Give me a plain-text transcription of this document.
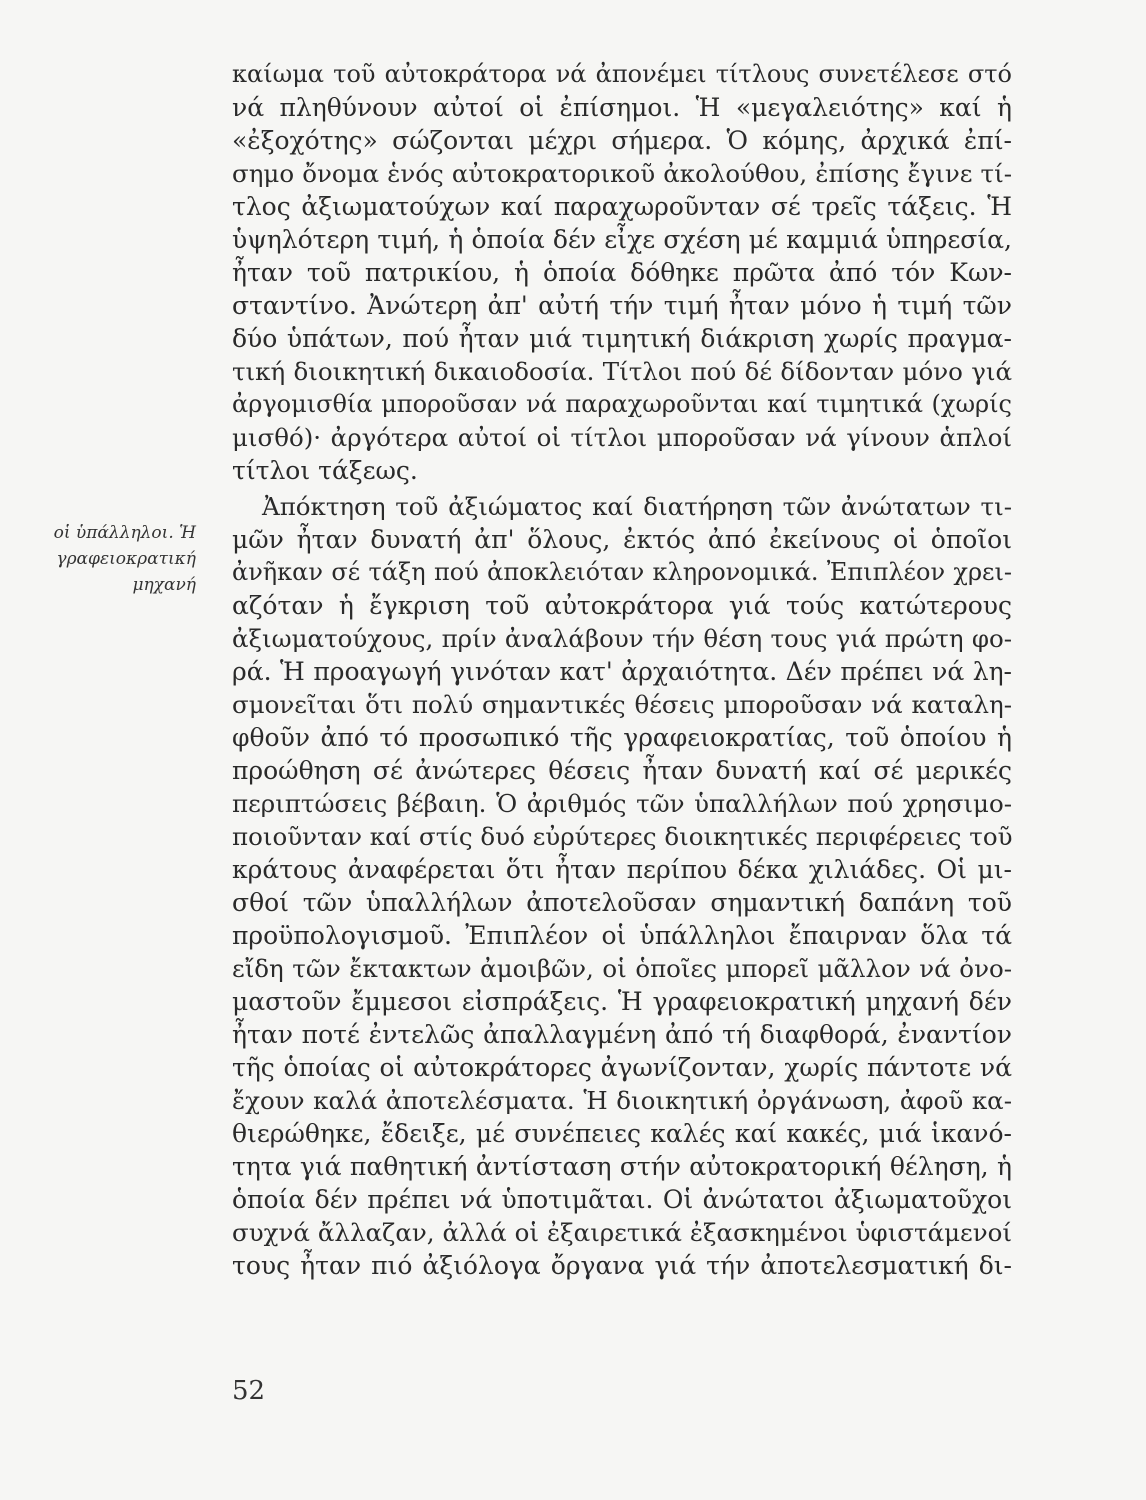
οἱ ὑπάλληλοι. Ἡ
γραφειοκρατική
μηχανή
καίωμα τοῦ αὐτοκράτορα νά ἀπονέμει τίτλους συνετέλεσε στό
νά πληθύνουν αὐτοί οἱ ἐπίσημοι. Ἡ «μεγαλειότης» καί ἡ
«ἐξοχότης» σώζονται μέχρι σήμερα. Ὁ κόμης, ἀρχικά ἐπί-
σημο ὄνομα ἑνός αὐτοκρατορικοῦ ἀκολούθου, ἐπίσης ἔγινε τί-
τλος ἀξιωματούχων καί παραχωροῦνταν σέ τρεῖς τάξεις. Ἡ
ὑψηλότερη τιμή, ἡ ὁποία δέν εἶχε σχέση μέ καμμιά ὑπηρεσία,
ἦταν τοῦ πατρικίου, ἡ ὁποία δόθηκε πρῶτα ἀπό τόν Κων-
σταντίνο. Ἀνώτερη ἀπ' αὐτή τήν τιμή ἦταν μόνο ἡ τιμή τῶν
δύο ὑπάτων, πού ἦταν μιά τιμητική διάκριση χωρίς πραγμα-
τική διοικητική δικαιοδοσία. Τίτλοι πού δέ δίδονταν μόνο γιά
ἀργομισθία μποροῦσαν νά παραχωροῦνται καί τιμητικά (χωρίς
μισθό)· ἀργότερα αὐτοί οἱ τίτλοι μποροῦσαν νά γίνουν ἁπλοί
τίτλοι τάξεως.
Ἀπόκτηση τοῦ ἀξιώματος καί διατήρηση τῶν ἀνώτατων τι-
μῶν ἦταν δυνατή ἀπ' ὅλους, ἐκτός ἀπό ἐκείνους οἱ ὁποῖοι
ἀνῆκαν σέ τάξη πού ἀποκλειόταν κληρονομικά. Ἐπιπλέον χρει-
αζόταν ἡ ἔγκριση τοῦ αὐτοκράτορα γιά τούς κατώτερους
ἀξιωματούχους, πρίν ἀναλάβουν τήν θέση τους γιά πρώτη φο-
ρά. Ἡ προαγωγή γινόταν κατ' ἀρχαιότητα. Δέν πρέπει νά λη-
σμονεῖται ὅτι πολύ σημαντικές θέσεις μποροῦσαν νά καταλη-
φθοῦν ἀπό τό προσωπικό τῆς γραφειοκρατίας, τοῦ ὁποίου ἡ
προώθηση σέ ἀνώτερες θέσεις ἦταν δυνατή καί σέ μερικές
περιπτώσεις βέβαιη. Ὁ ἀριθμός τῶν ὑπαλλήλων πού χρησιμο-
ποιοῦνταν καί στίς δυό εὐρύτερες διοικητικές περιφέρειες τοῦ
κράτους ἀναφέρεται ὅτι ἦταν περίπου δέκα χιλιάδες. Οἱ μι-
σθοί τῶν ὑπαλλήλων ἀποτελοῦσαν σημαντική δαπάνη τοῦ
προϋπολογισμοῦ. Ἐπιπλέον οἱ ὑπάλληλοι ἔπαιρναν ὅλα τά
εἴδη τῶν ἔκτακτων ἀμοιβῶν, οἱ ὁποῖες μπορεῖ μᾶλλον νά ὀνο-
μαστοῦν ἔμμεσοι εἰσπράξεις. Ἡ γραφειοκρατική μηχανή δέν
ἦταν ποτέ ἐντελῶς ἀπαλλαγμένη ἀπό τή διαφθορά, ἐναντίον
τῆς ὁποίας οἱ αὐτοκράτορες ἀγωνίζονταν, χωρίς πάντοτε νά
ἔχουν καλά ἀποτελέσματα. Ἡ διοικητική ὀργάνωση, ἀφοῦ κα-
θιερώθηκε, ἔδειξε, μέ συνέπειες καλές καί κακές, μιά ἱκανό-
τητα γιά παθητική ἀντίσταση στήν αὐτοκρατορική θέληση, ἡ
ὁποία δέν πρέπει νά ὑποτιμᾶται. Οἱ ἀνώτατοι ἀξιωματοῦχοι
συχνά ἄλλαζαν, ἀλλά οἱ ἐξαιρετικά ἐξασκημένοι ὑφιστάμενοί
τους ἦταν πιό ἀξιόλογα ὄργανα γιά τήν ἀποτελεσματική δι-
52
